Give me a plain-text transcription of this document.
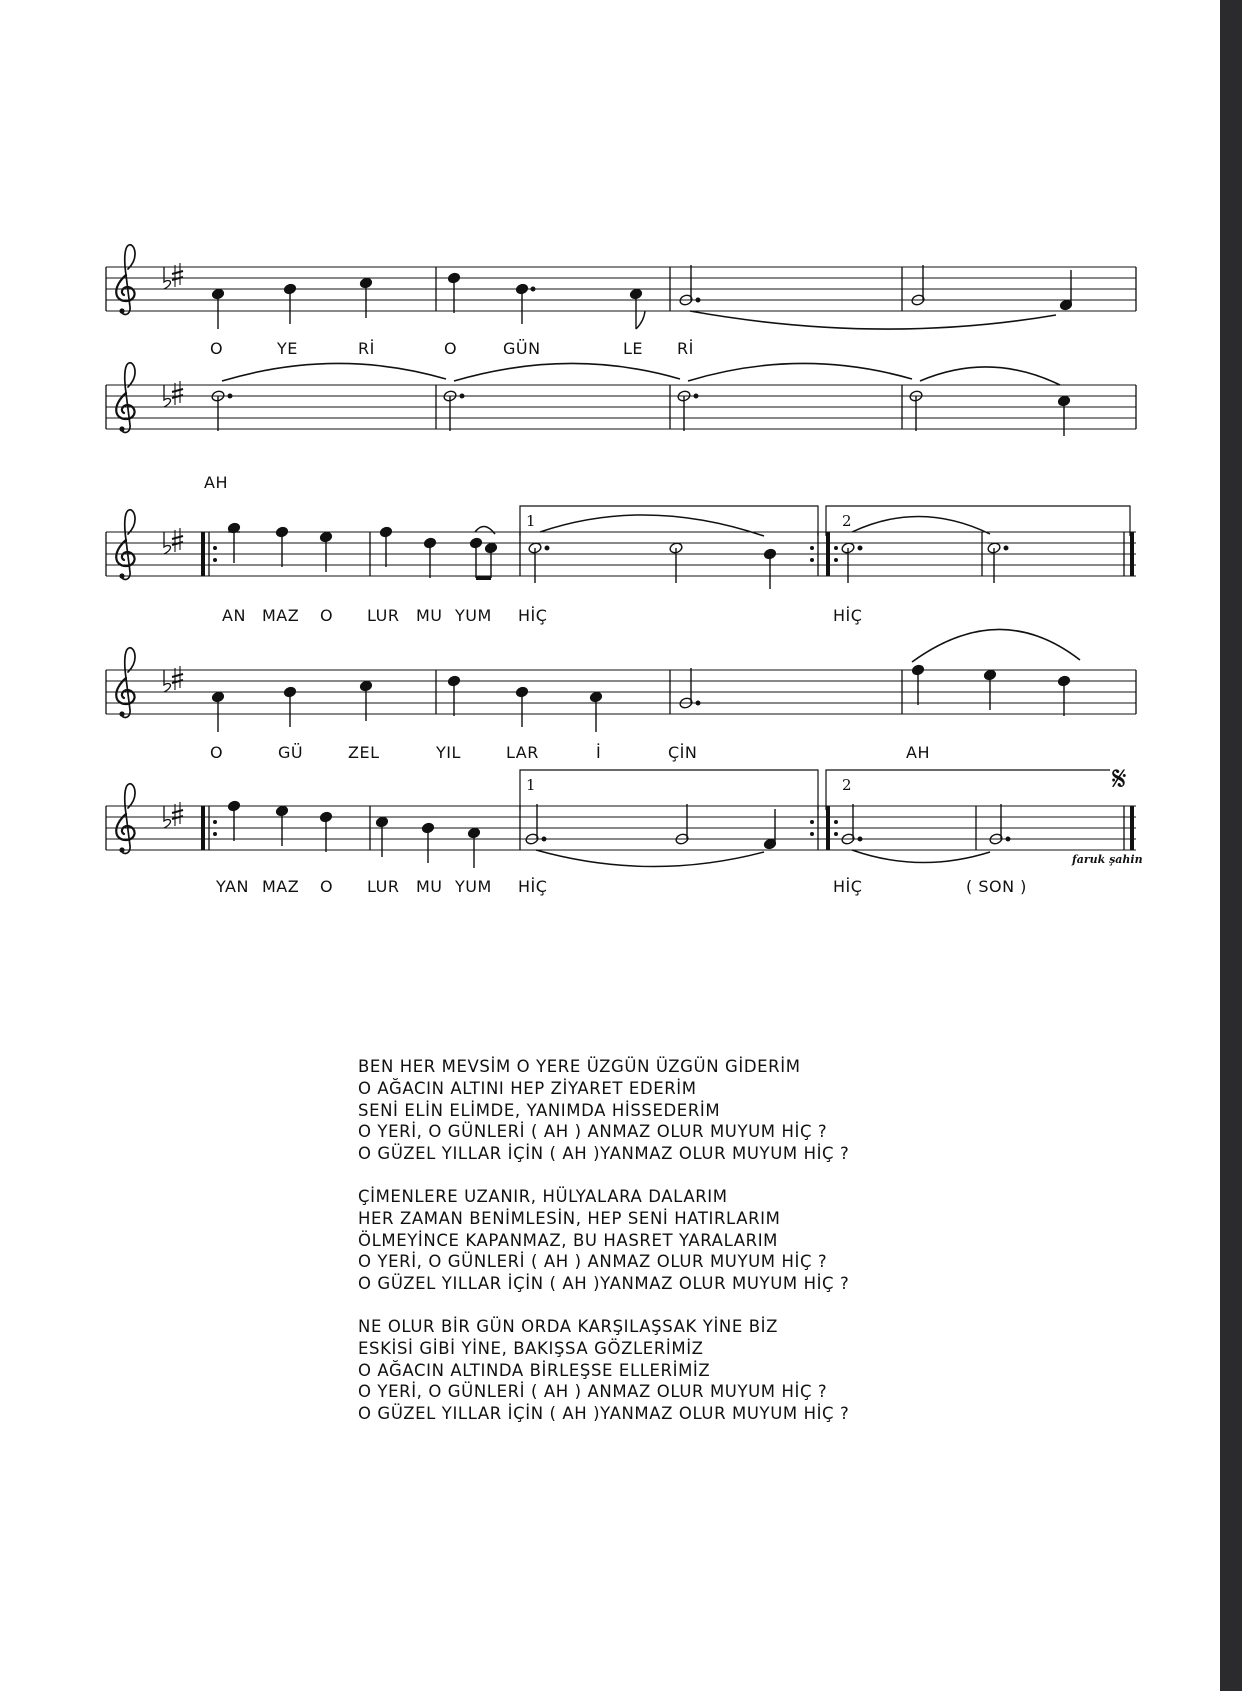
O	YE	Rİ	O	GÜN	LE Rİ
AH
1	2
AN MAZ O LUR MU YUM HİÇ	HİÇ
O	GÜ	ZEL	YIL	LAR	İ	ÇİN	AH
1	2	𝄋
faruk şahin
YAN MAZ O LUR MU YUM HİÇ	HİÇ	( SON )
BEN HER MEVSİM O YERE ÜZGÜN ÜZGÜN GİDERİM
O AĞACIN ALTINI HEP ZİYARET EDERİM
SENİ ELİN ELİMDE, YANIMDA HİSSEDERİM
O YERİ, O GÜNLERİ ( AH ) ANMAZ OLUR MUYUM HİÇ ?
O GÜZEL YILLAR İÇİN ( AH )YANMAZ OLUR MUYUM HİÇ ?
ÇİMENLERE UZANIR, HÜLYALARA DALARIM
HER ZAMAN BENİMLESİN, HEP SENİ HATIRLARIM
ÖLMEYİNCE KAPANMAZ, BU HASRET YARALARIM
O YERİ, O GÜNLERİ ( AH ) ANMAZ OLUR MUYUM HİÇ ?
O GÜZEL YILLAR İÇİN ( AH )YANMAZ OLUR MUYUM HİÇ ?
NE OLUR BİR GÜN ORDA KARŞILAŞSAK YİNE BİZ
ESKİSİ GİBİ YİNE, BAKIŞSA GÖZLERİMİZ
O AĞACIN ALTINDA BİRLEŞSE ELLERİMİZ
O YERİ, O GÜNLERİ ( AH ) ANMAZ OLUR MUYUM HİÇ ?
O GÜZEL YILLAR İÇİN ( AH )YANMAZ OLUR MUYUM HİÇ ?
